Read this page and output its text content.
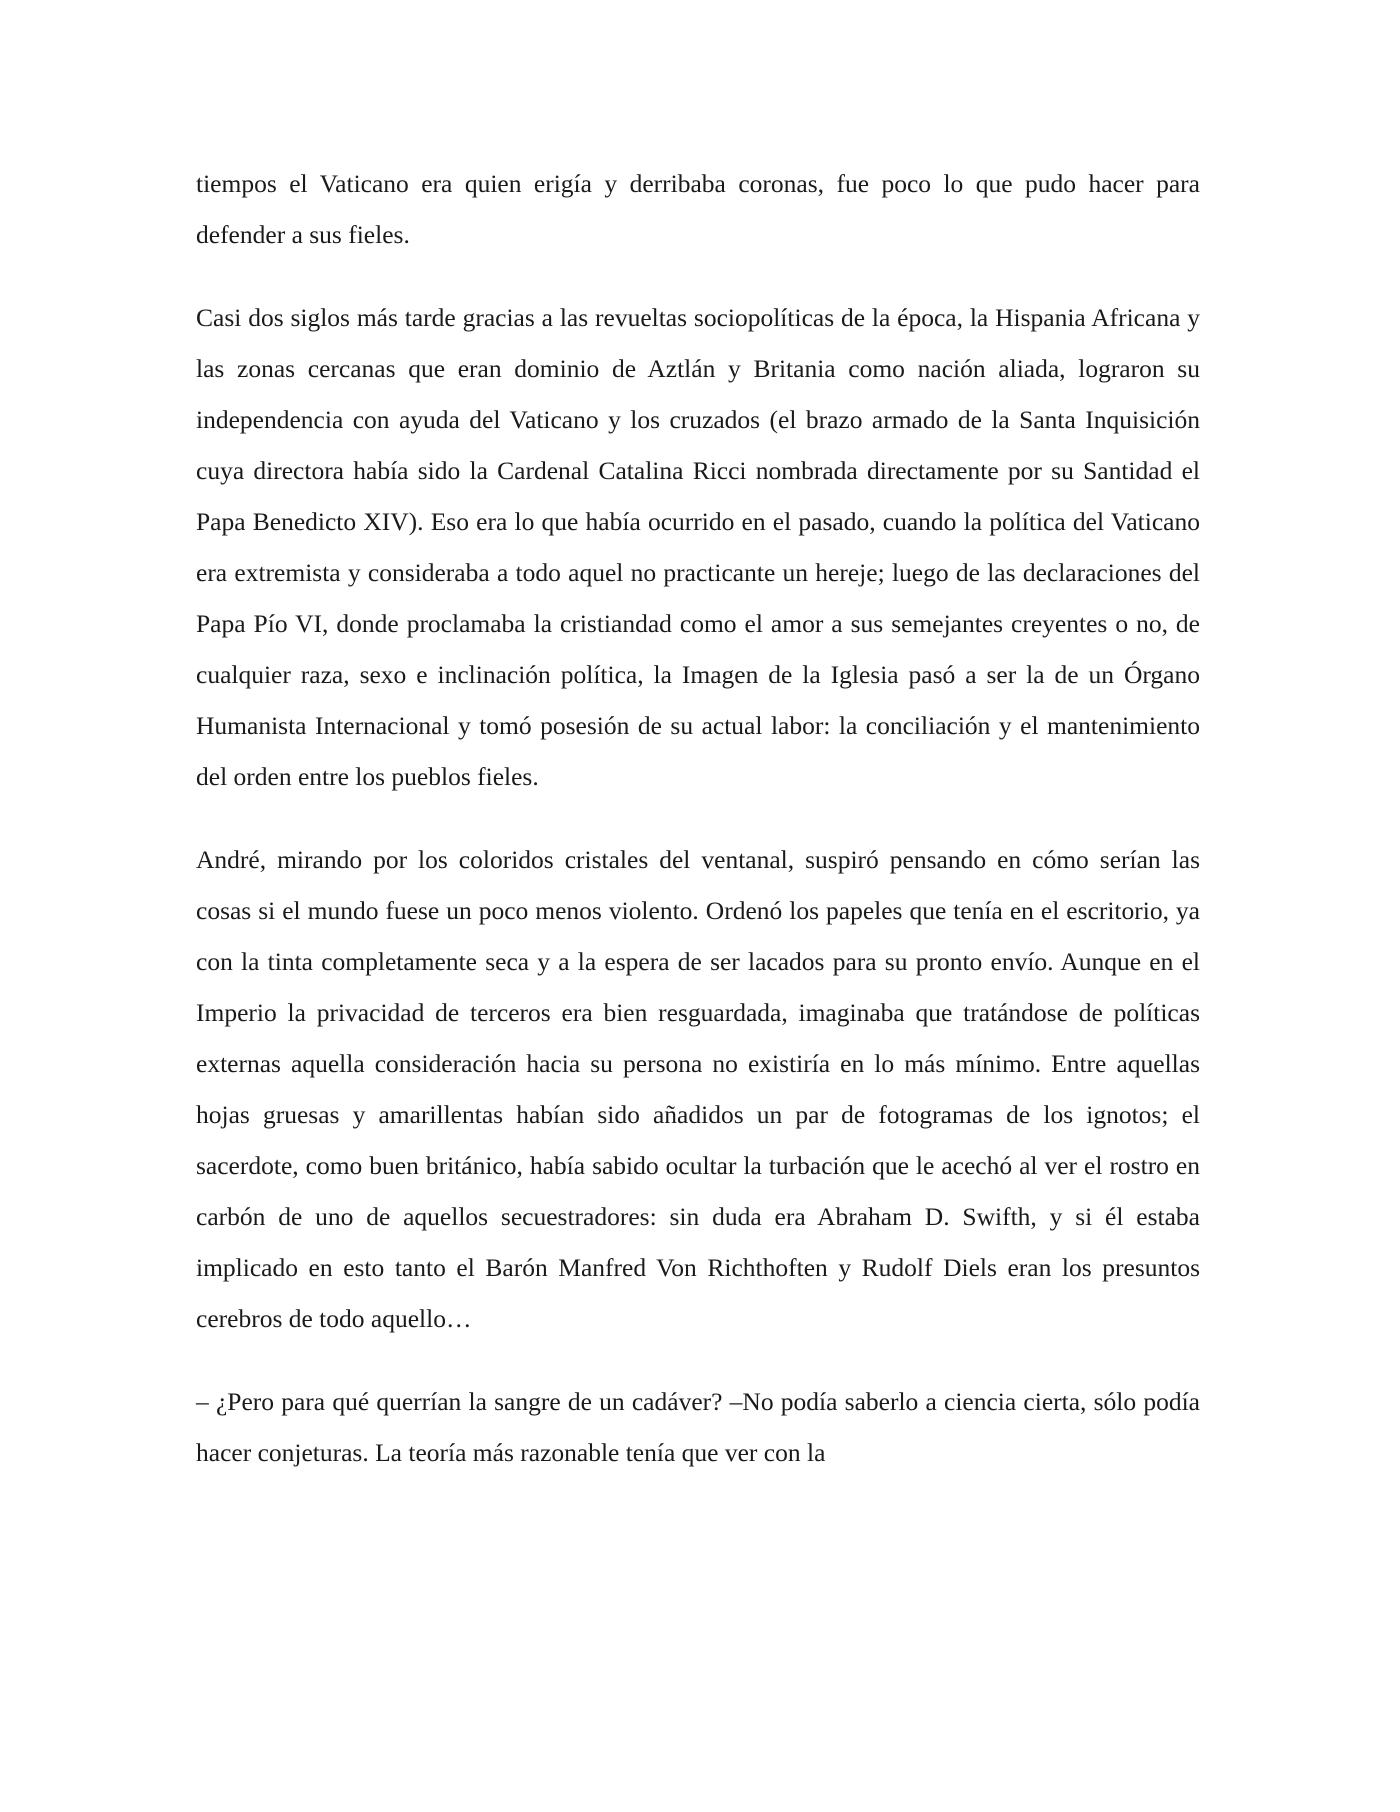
tiempos el Vaticano era quien erigía y derribaba coronas, fue poco lo que pudo hacer para defender a sus fieles.

Casi dos siglos más tarde gracias a las revueltas sociopolíticas de la época, la Hispania Africana y las zonas cercanas que eran dominio de Aztlán y Britania como nación aliada, lograron su independencia con ayuda del Vaticano y los cruzados (el brazo armado de la Santa Inquisición cuya directora había sido la Cardenal Catalina Ricci nombrada directamente por su Santidad el Papa Benedicto XIV). Eso era lo que había ocurrido en el pasado, cuando la política del Vaticano era extremista y consideraba a todo aquel no practicante un hereje; luego de las declaraciones del Papa Pío VI, donde proclamaba la cristiandad como el amor a sus semejantes creyentes o no, de cualquier raza, sexo e inclinación política, la Imagen de la Iglesia pasó a ser la de un Órgano Humanista Internacional y tomó posesión de su actual labor: la conciliación y el mantenimiento del orden entre los pueblos fieles.

André, mirando por los coloridos cristales del ventanal, suspiró pensando en cómo serían las cosas si el mundo fuese un poco menos violento. Ordenó los papeles que tenía en el escritorio, ya con la tinta completamente seca y a la espera de ser lacados para su pronto envío. Aunque en el Imperio la privacidad de terceros era bien resguardada, imaginaba que tratándose de políticas externas aquella consideración hacia su persona no existiría en lo más mínimo. Entre aquellas hojas gruesas y amarillentas habían sido añadidos un par de fotogramas de los ignotos; el sacerdote, como buen británico, había sabido ocultar la turbación que le acechó al ver el rostro en carbón de uno de aquellos secuestradores: sin duda era Abraham D. Swifth, y si él estaba implicado en esto tanto el Barón Manfred Von Richthoften y Rudolf Diels eran los presuntos cerebros de todo aquello…

– ¿Pero para qué querrían la sangre de un cadáver? –No podía saberlo a ciencia cierta, sólo podía hacer conjeturas. La teoría más razonable tenía que ver con la
